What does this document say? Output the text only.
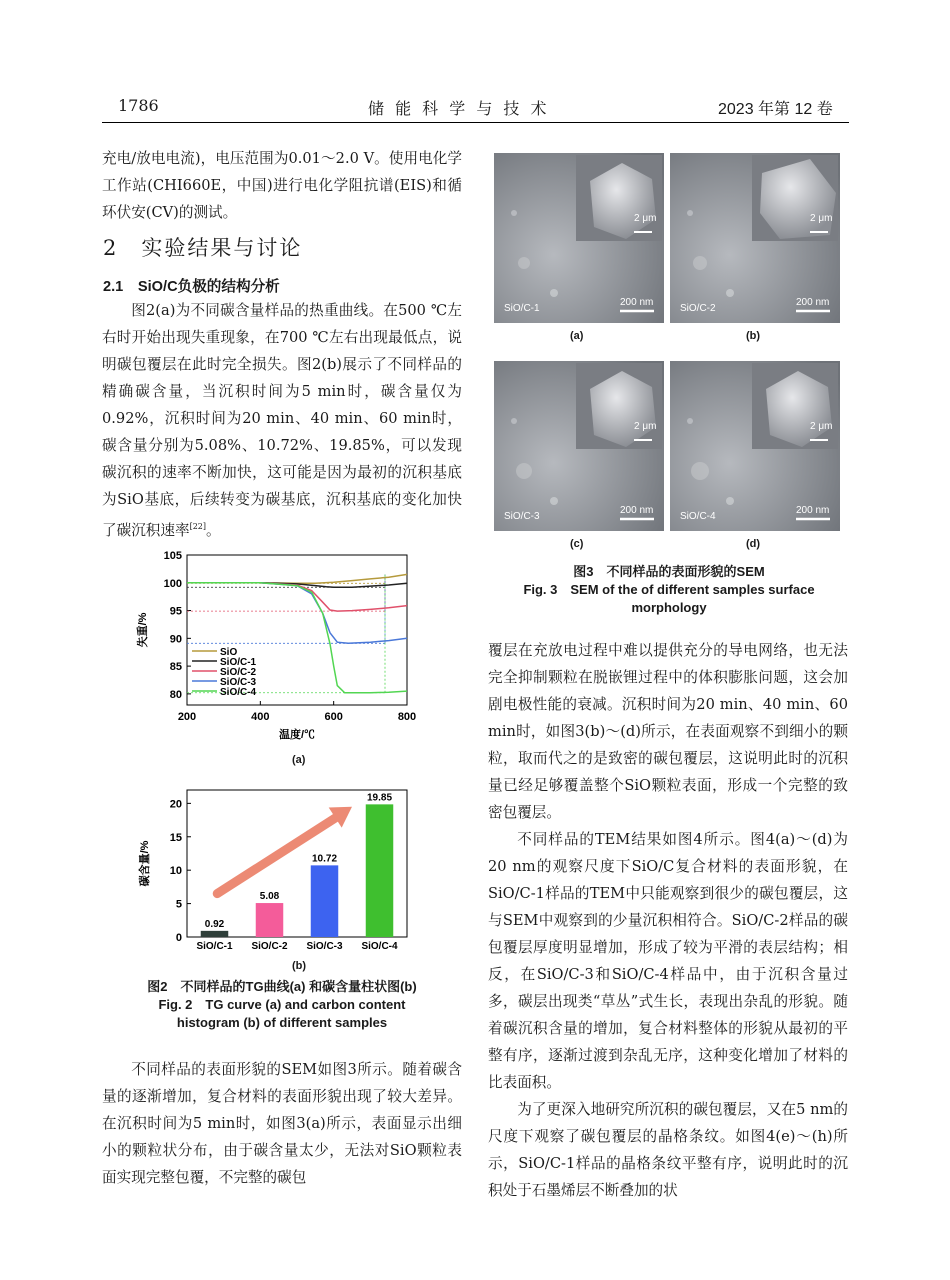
1786	储 能 科 学 与 技 术	2023 年第 12 卷

充电/放电电流)，电压范围为0.01～2.0 V。使用电化学工作站(CHI660E，中国)进行电化学阻抗谱(EIS)和循环伏安(CV)的测试。

2　实验结果与讨论
2.1　SiO/C负极的结构分析

图2(a)为不同碳含量样品的热重曲线。在500 ℃左右时开始出现失重现象，在700 ℃左右出现最低点，说明碳包覆层在此时完全损失。图2(b)展示了不同样品的精确碳含量，当沉积时间为5 min时，碳含量仅为0.92%，沉积时间为20 min、40 min、60 min时，碳含量分别为5.08%、10.72%、19.85%，可以发现碳沉积的速率不断加快，这可能是因为最初的沉积基底为SiO基底，后续转变为碳基底，沉积基底的变化加快了碳沉积速率[22]。

200	400	600	800
80
85
90
95
100
105
温度/℃
失重/%
SiO
SiO/C-1
SiO/C-2
SiO/C-3
SiO/C-4
(a)
0
5
10
15
20
碳含量/%
0.92
SiO/C-1
5.08
SiO/C-2
10.72
SiO/C-3
19.85
SiO/C-4
(b)
图2　不同样品的TG曲线(a) 和碳含量柱状图(b)
Fig. 2　TG curve (a) and carbon content histogram (b) of different samples

不同样品的表面形貌的SEM如图3所示。随着碳含量的逐渐增加，复合材料的表面形貌出现了较大差异。在沉积时间为5 min时，如图3(a)所示，表面显示出细小的颗粒状分布，由于碳含量太少，无法对SiO颗粒表面实现完整包覆，不完整的碳包

2 μm
200 nm
SiO/C-1
(a)
2 μm
200 nm
SiO/C-2
(b)
2 μm
200 nm
SiO/C-3
(c)
2 μm
200 nm
SiO/C-4
(d)
图3　不同样品的表面形貌的SEM
Fig. 3　SEM of the of different samples surface morphology

覆层在充放电过程中难以提供充分的导电网络，也无法完全抑制颗粒在脱嵌锂过程中的体积膨胀问题，这会加剧电极性能的衰减。沉积时间为20 min、40 min、60 min时，如图3(b)～(d)所示，在表面观察不到细小的颗粒，取而代之的是致密的碳包覆层，这说明此时的沉积量已经足够覆盖整个SiO颗粒表面，形成一个完整的致密包覆层。

不同样品的TEM结果如图4所示。图4(a)～(d)为20 nm的观察尺度下SiO/C复合材料的表面形貌，在SiO/C-1样品的TEM中只能观察到很少的碳包覆层，这与SEM中观察到的少量沉积相符合。SiO/C-2样品的碳包覆层厚度明显增加，形成了较为平滑的表层结构；相反，在SiO/C-3和SiO/C-4样品中，由于沉积含量过多，碳层出现类“草丛”式生长，表现出杂乱的形貌。随着碳沉积含量的增加，复合材料整体的形貌从最初的平整有序，逐渐过渡到杂乱无序，这种变化增加了材料的比表面积。

为了更深入地研究所沉积的碳包覆层，又在5 nm的尺度下观察了碳包覆层的晶格条纹。如图4(e)～(h)所示，SiO/C-1样品的晶格条纹平整有序，说明此时的沉积处于石墨烯层不断叠加的状
